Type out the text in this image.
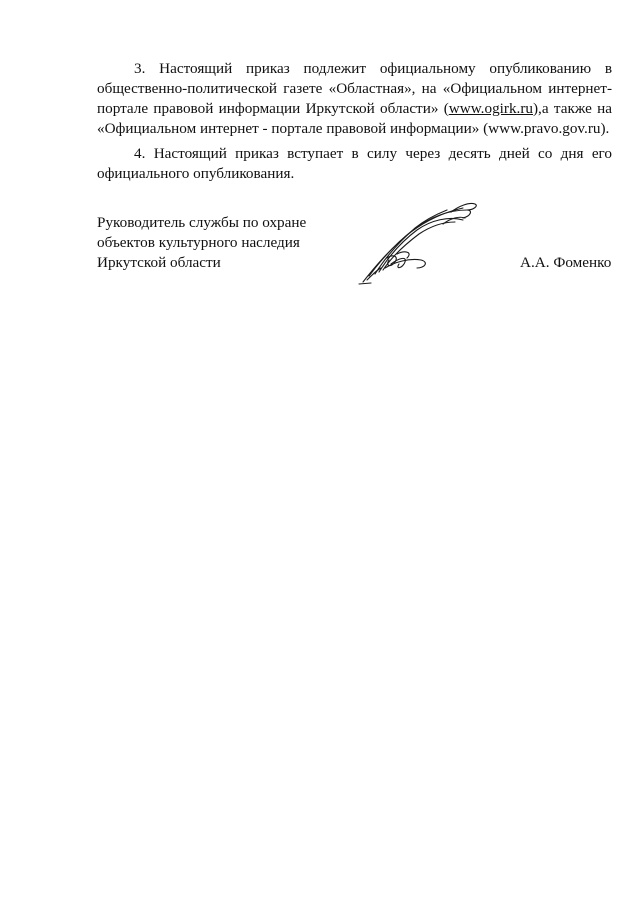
3. Настоящий приказ подлежит официальному опубликованию в общественно-политической газете «Областная», на «Официальном интернет-портале правовой информации Иркутской области» (www.ogirk.ru),а также на «Официальном интернет - портале правовой информации» (www.pravo.gov.ru).

4. Настоящий приказ вступает в силу через десять дней со дня его официального опубликования.

Руководитель службы по охране
объектов культурного наследия
Иркутской области	А.А. Фоменко
